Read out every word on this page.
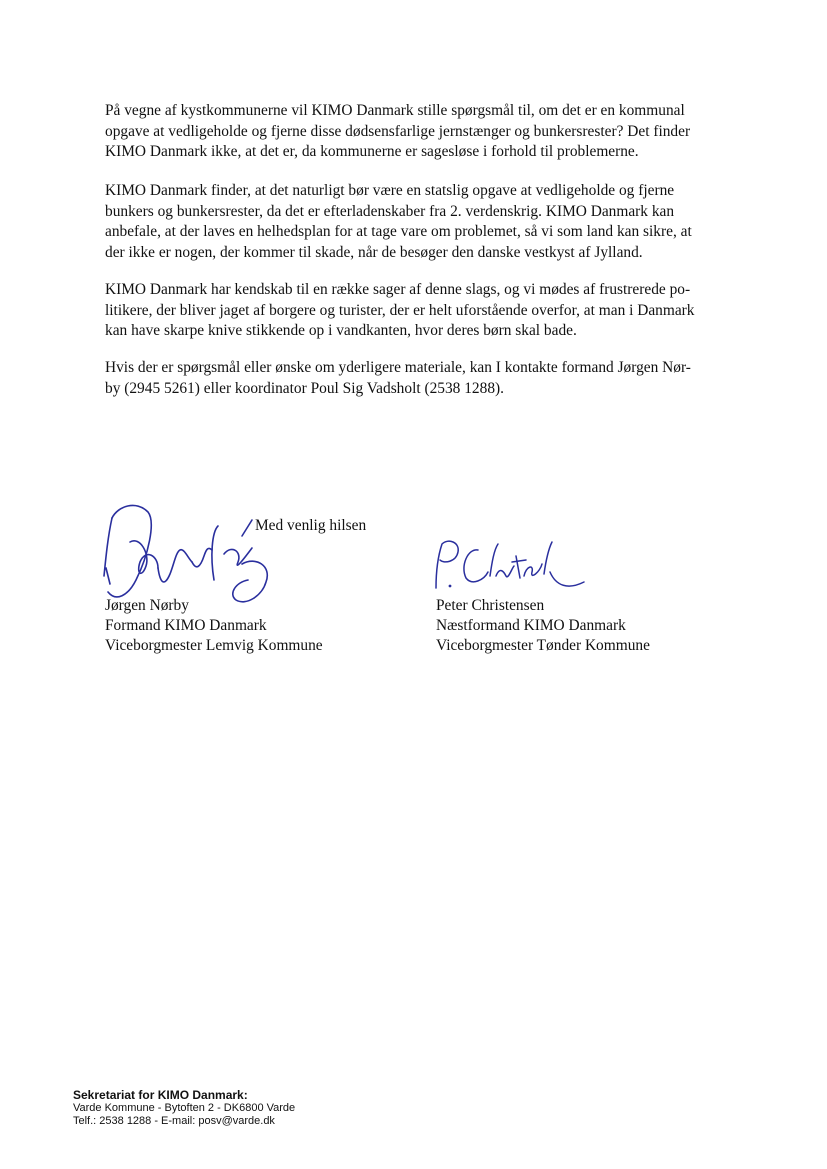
På vegne af kystkommunerne vil KIMO Danmark stille spørgsmål til, om det er en kommunal
opgave at vedligeholde og fjerne disse dødsensfarlige jernstænger og bunkersrester? Det finder
KIMO Danmark ikke, at det er, da kommunerne er sagesløse i forhold til problemerne.
KIMO Danmark finder, at det naturligt bør være en statslig opgave at vedligeholde og fjerne
bunkers og bunkersrester, da det er efterladenskaber fra 2. verdenskrig. KIMO Danmark kan
anbefale, at der laves en helhedsplan for at tage vare om problemet, så vi som land kan sikre, at
der ikke er nogen, der kommer til skade, når de besøger den danske vestkyst af Jylland.
KIMO Danmark har kendskab til en række sager af denne slags, og vi mødes af frustrerede po-
litikere, der bliver jaget af borgere og turister, der er helt uforstående overfor, at man i Danmark
kan have skarpe knive stikkende op i vandkanten, hvor deres børn skal bade.
Hvis der er spørgsmål eller ønske om yderligere materiale, kan I kontakte formand Jørgen Nør-
by (2945 5261) eller koordinator Poul Sig Vadsholt (2538 1288).
Med venlig hilsen
Jørgen Nørby
Formand KIMO Danmark
Viceborgmester Lemvig Kommune
Peter Christensen
Næstformand KIMO Danmark
Viceborgmester Tønder Kommune
Sekretariat for KIMO Danmark:
Varde Kommune - Bytoften 2 - DK6800 Varde
Telf.: 2538 1288 - E-mail: posv@varde.dk
